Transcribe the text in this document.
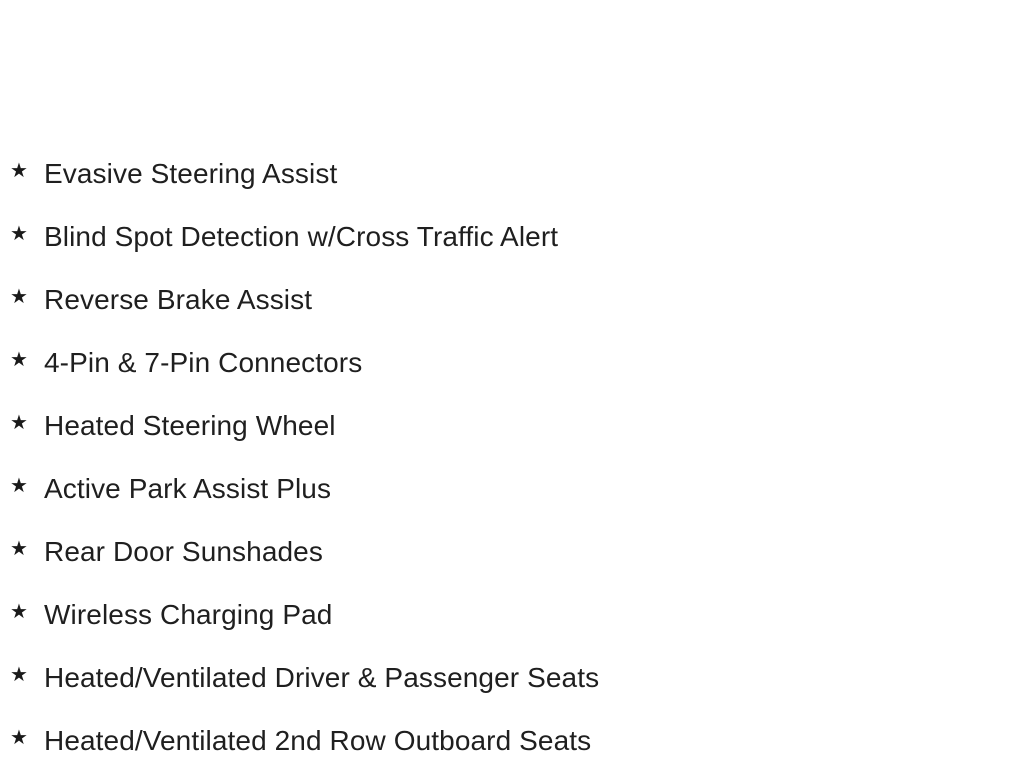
★ Evasive Steering Assist
★ Blind Spot Detection w/Cross Traffic Alert
★ Reverse Brake Assist
★ 4-Pin & 7-Pin Connectors
★ Heated Steering Wheel
★ Active Park Assist Plus
★ Rear Door Sunshades
★ Wireless Charging Pad
★ Heated/Ventilated Driver & Passenger Seats
★ Heated/Ventilated 2nd Row Outboard Seats
